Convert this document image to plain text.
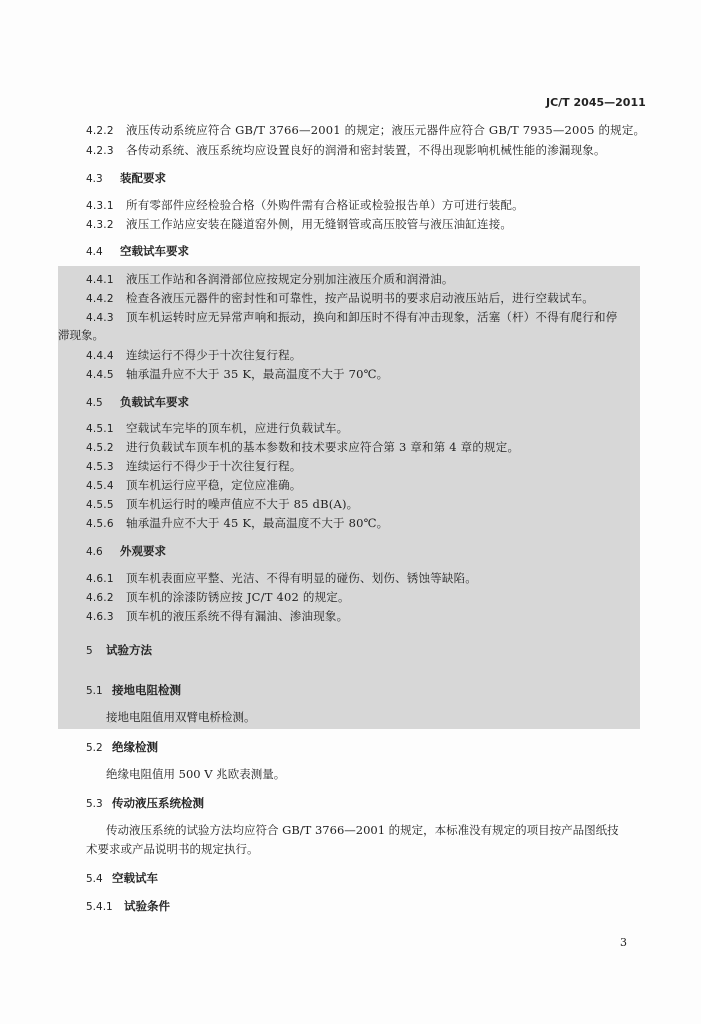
JC/T 2045—2011
4.2.2 液压传动系统应符合 GB/T 3766—2001 的规定；液压元器件应符合 GB/T 7935—2005 的规定。
4.2.3 各传动系统、液压系统均应设置良好的润滑和密封装置，不得出现影响机械性能的渗漏现象。
4.3 装配要求
4.3.1 所有零部件应经检验合格（外购件需有合格证或检验报告单）方可进行装配。
4.3.2 液压工作站应安装在隧道窑外侧，用无缝钢管或高压胶管与液压油缸连接。
4.4 空载试车要求
4.4.1 液压工作站和各润滑部位应按规定分别加注液压介质和润滑油。
4.4.2 检查各液压元器件的密封性和可靠性，按产品说明书的要求启动液压站后，进行空载试车。
4.4.3 顶车机运转时应无异常声响和振动，换向和卸压时不得有冲击现象，活塞（杆）不得有爬行和停
滞现象。
4.4.4 连续运行不得少于十次往复行程。
4.4.5 轴承温升应不大于 35 K，最高温度不大于 70℃。
4.5 负载试车要求
4.5.1 空载试车完毕的顶车机，应进行负载试车。
4.5.2 进行负载试车顶车机的基本参数和技术要求应符合第 3 章和第 4 章的规定。
4.5.3 连续运行不得少于十次往复行程。
4.5.4 顶车机运行应平稳，定位应准确。
4.5.5 顶车机运行时的噪声值应不大于 85 dB(A)。
4.5.6 轴承温升应不大于 45 K，最高温度不大于 80℃。
4.6 外观要求
4.6.1 顶车机表面应平整、光洁、不得有明显的碰伤、划伤、锈蚀等缺陷。
4.6.2 顶车机的涂漆防锈应按 JC/T 402 的规定。
4.6.3 顶车机的液压系统不得有漏油、渗油现象。
5 试验方法
5.1 接地电阻检测
接地电阻值用双臂电桥检测。
5.2 绝缘检测
绝缘电阻值用 500 V 兆欧表测量。
5.3 传动液压系统检测
传动液压系统的试验方法均应符合 GB/T 3766—2001 的规定，本标准没有规定的项目按产品图纸技
术要求或产品说明书的规定执行。
5.4 空载试车
5.4.1 试验条件
3
